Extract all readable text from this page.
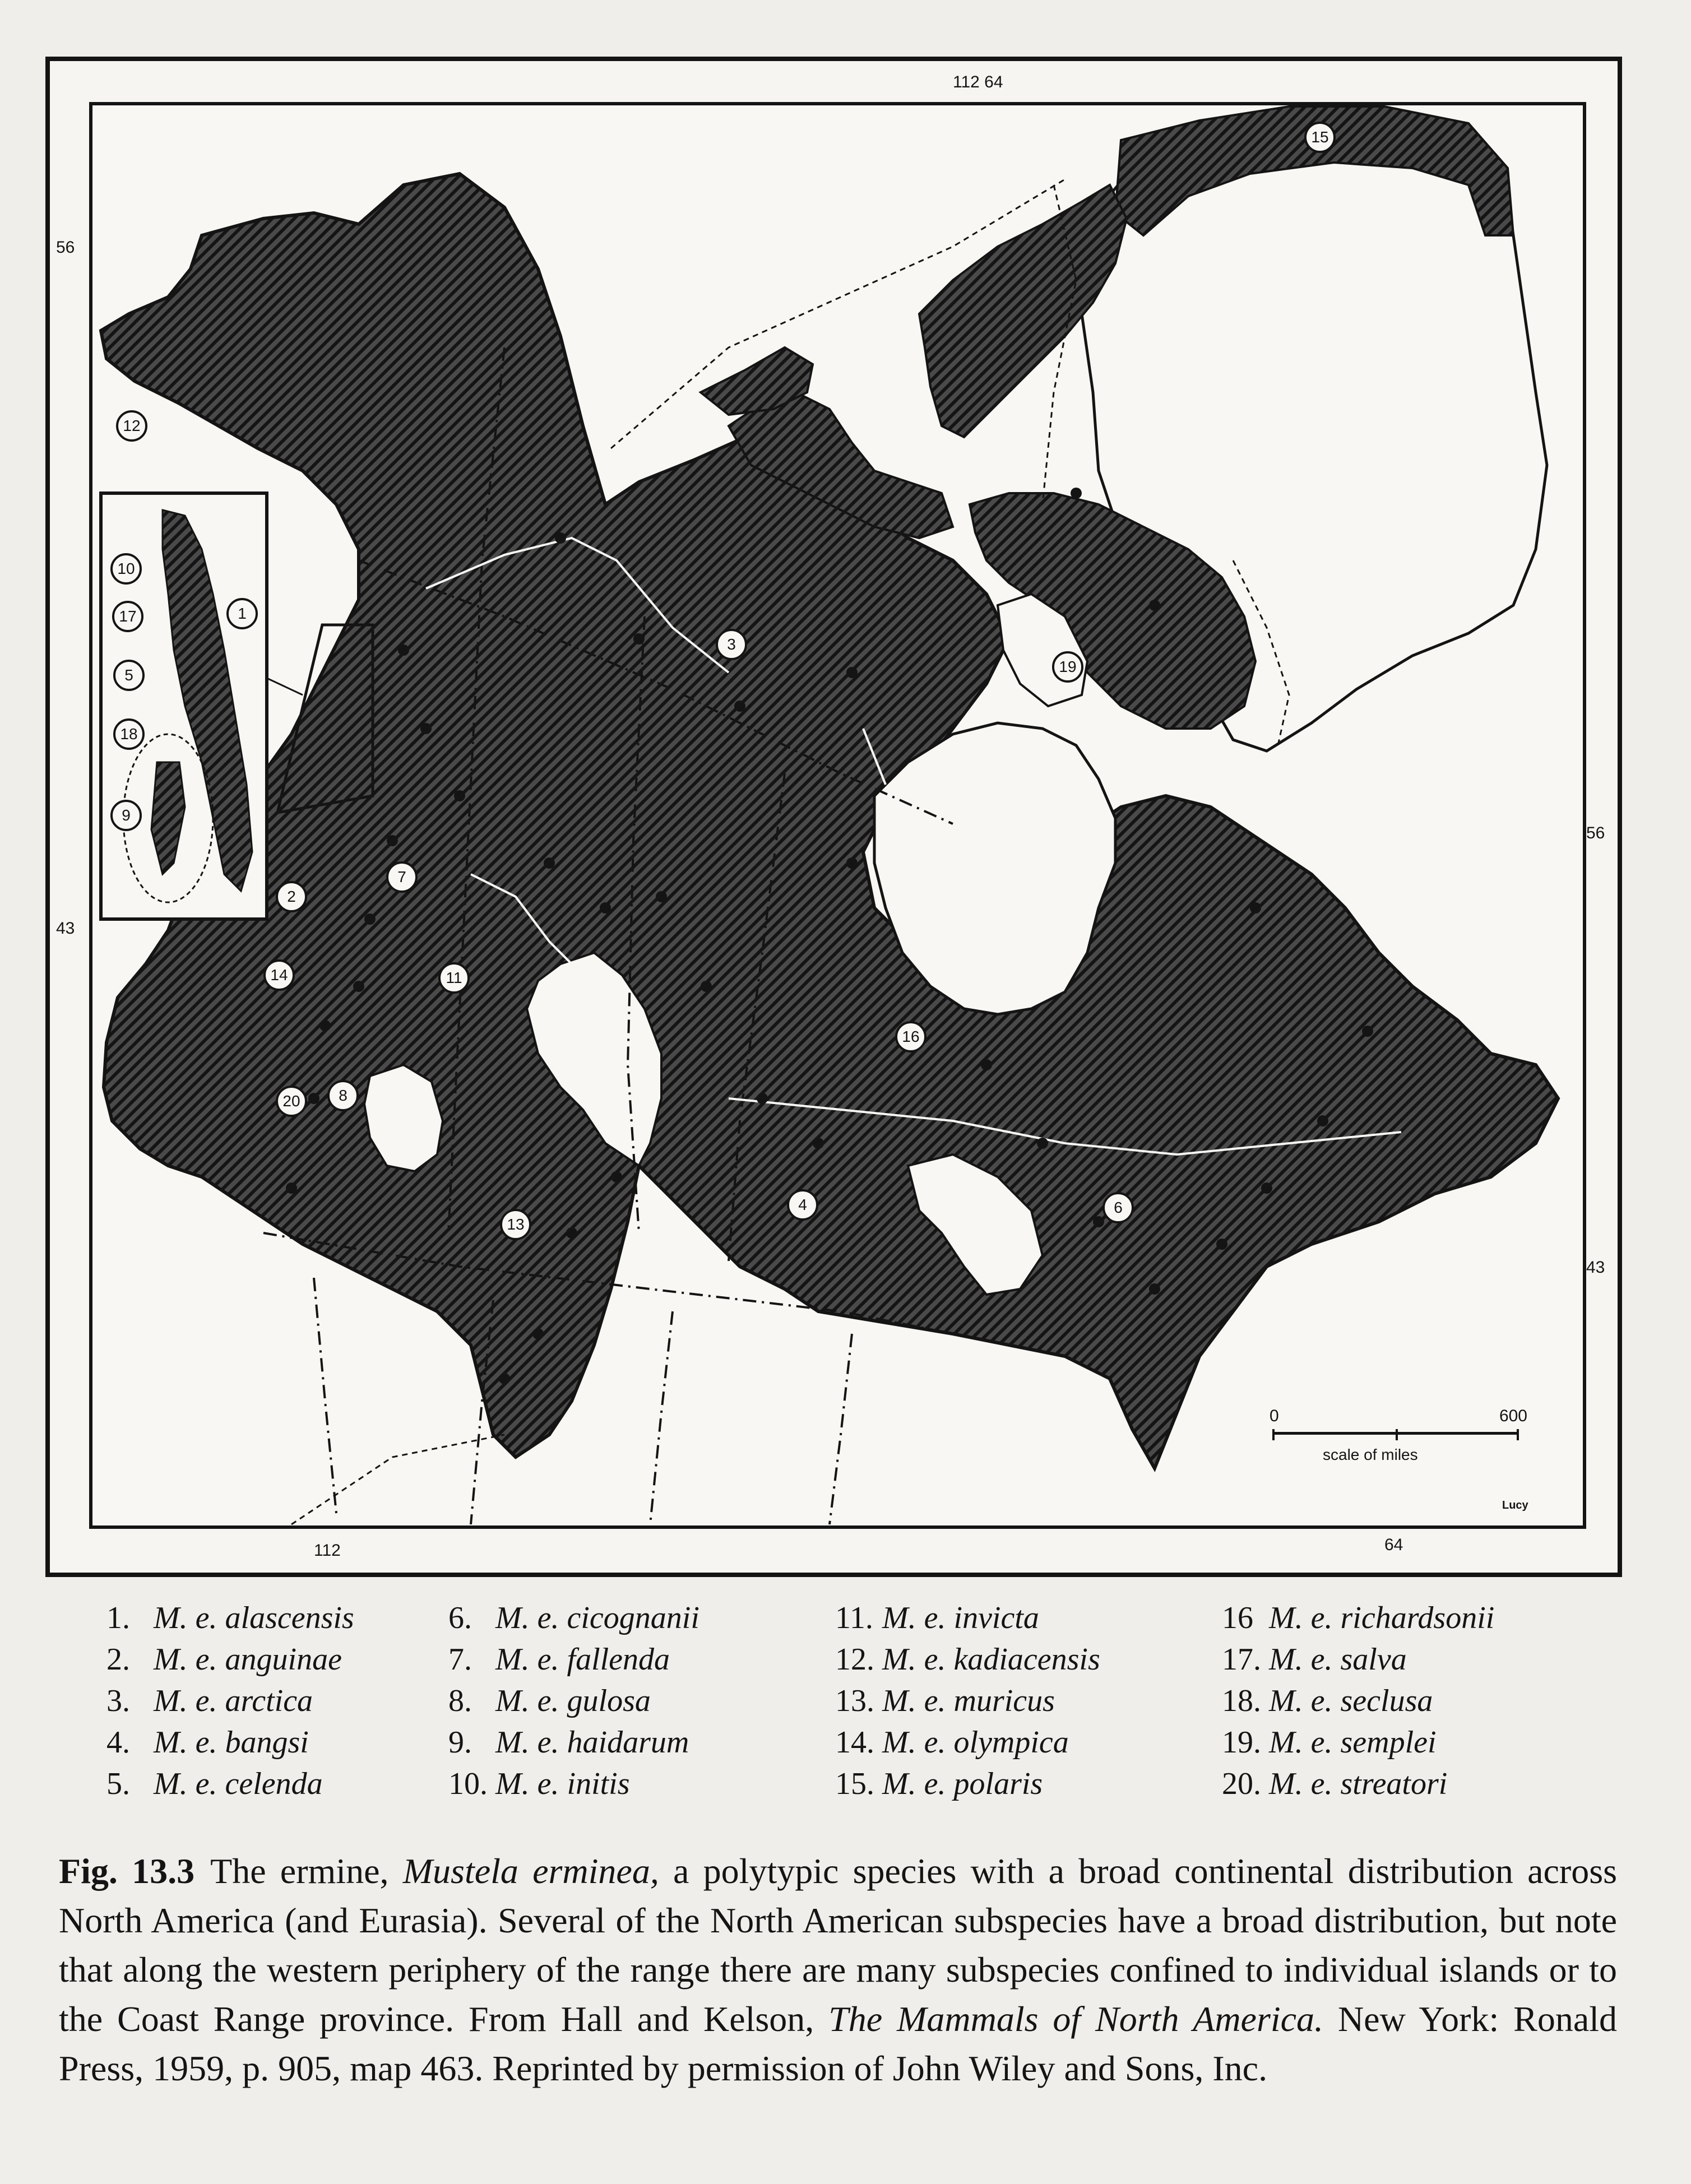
112 64
56
43
56
43
112	64
1
2
3
4
5
6
7
8
9
10
11
12
13
14
15
16
17
18
19
20
0	600
scale of miles
Lucy
1. M. e. alascensis
2. M. e. anguinae
3. M. e. arctica
4. M. e. bangsi
5. M. e. celenda
6. M. e. cicognanii
7. M. e. fallenda
8. M. e. gulosa
9. M. e. haidarum
10. M. e. initis
11. M. e. invicta
12. M. e. kadiacensis
13. M. e. muricus
14. M. e. olympica
15. M. e. polaris
16 M. e. richardsonii
17. M. e. salva
18. M. e. seclusa
19. M. e. semplei
20. M. e. streatori
Fig. 13.3 The ermine, Mustela erminea, a polytypic species with a broad continental distribution across North America (and Eurasia). Several of the North American subspecies have a broad distribution, but note that along the western periphery of the range there are many subspecies confined to individual islands or to the Coast Range province. From Hall and Kelson, The Mammals of North America. New York: Ronald Press, 1959, p. 905, map 463. Reprinted by permission of John Wiley and Sons, Inc.
